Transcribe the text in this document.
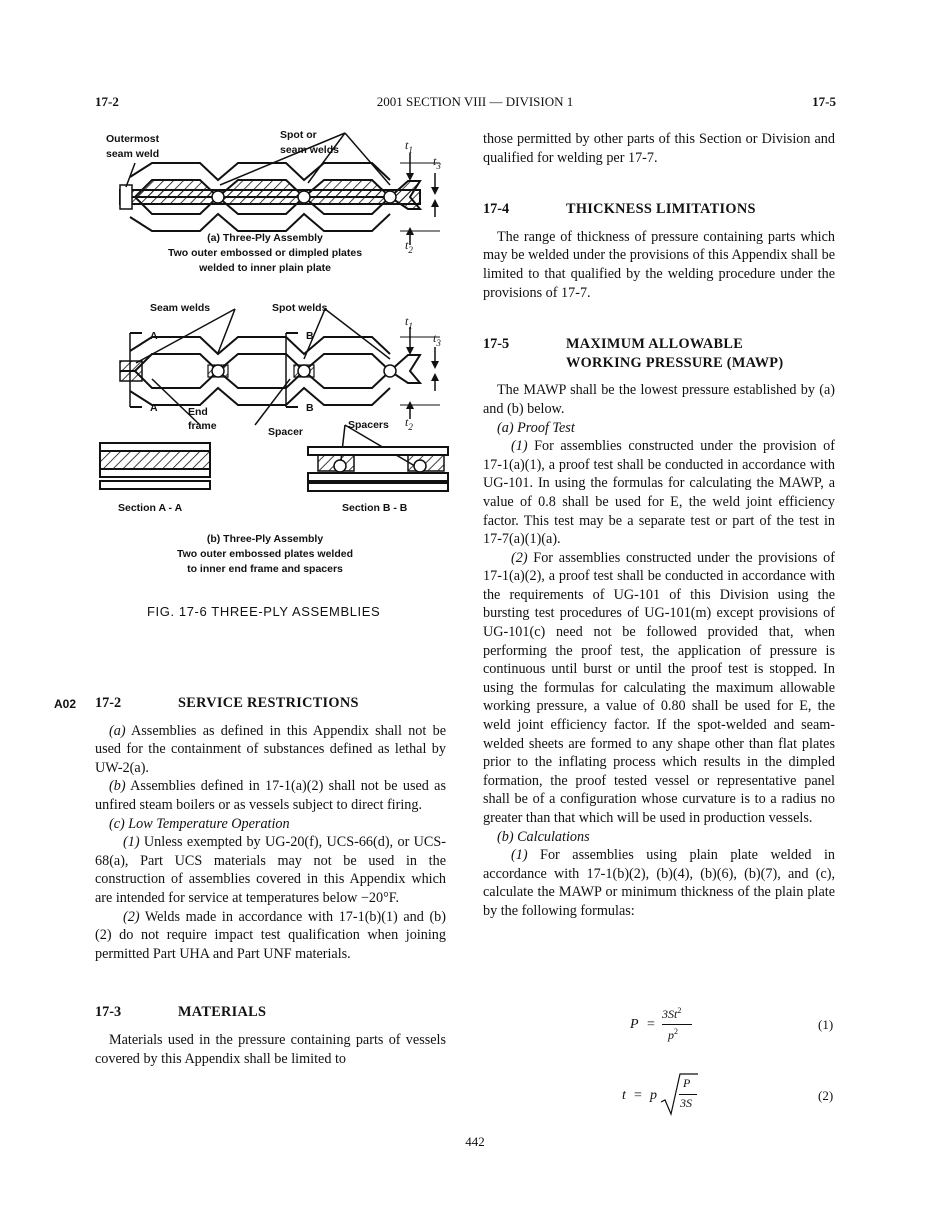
17-2	2001 SECTION VIII — DIVISION 1	17-5
Outermost
seam weld
Spot or
seam welds	$t_1$
$t_3$
$t_2$
(a) Three-Ply Assembly
Two outer embossed or dimpled plates
welded to inner plain plate
Seam welds	Spot welds
A
A
B
B
End
frame	Spacer
Spacers
$t_1$
$t_3$
$t_2$
Section A - A	Section B - B
(b) Three-Ply Assembly
Two outer embossed plates welded
to inner end frame and spacers
FIG. 17-6 THREE-PLY ASSEMBLIES
A02 17-2	SERVICE RESTRICTIONS

(a) Assemblies as defined in this Appendix shall not be used for the containment of substances defined as lethal by UW-2(a).

(b) Assemblies defined in 17-1(a)(2) shall not be used as unfired steam boilers or as vessels subject to direct firing.

(c) Low Temperature Operation

(1) Unless exempted by UG-20(f), UCS-66(d), or UCS-68(a), Part UCS materials may not be used in the construction of assemblies covered in this Appendix which are intended for service at temperatures below −20°F.

(2) Welds made in accordance with 17-1(b)(1) and (b)(2) do not require impact test qualification when joining permitted Part UHA and Part UNF materials.

17-3	MATERIALS

Materials used in the pressure containing parts of vessels covered by this Appendix shall be limited to

those permitted by other parts of this Section or Division and qualified for welding per 17-7.

17-4	THICKNESS LIMITATIONS

The range of thickness of pressure containing parts which may be welded under the provisions of this Appendix shall be limited to that qualified by the welding procedure under the provisions of 17-7.

17-5	MAXIMUM ALLOWABLE
WORKING PRESSURE (MAWP)

The MAWP shall be the lowest pressure established by (a) and (b) below.

(a) Proof Test

(1) For assemblies constructed under the provision of 17-1(a)(1), a proof test shall be conducted in accordance with UG-101. In using the formulas for calculating the MAWP, a value of 0.8 shall be used for E, the weld joint efficiency factor. This test may be a separate test or part of the test in 17-7(a)(1)(a).

(2) For assemblies constructed under the provisions of 17-1(a)(2), a proof test shall be conducted in accordance with the requirements of UG-101 of this Division using the bursting test procedures of UG-101(m) except provisions of UG-101(c) need not be followed provided that, when performing the proof test, the application of pressure is continuous until burst or until the proof test is stopped. In using the formulas for calculating the maximum allowable working pressure, a value of 0.80 shall be used for E, the weld joint efficiency factor. If the spot-welded and seam-welded sheets are formed to any shape other than flat plates prior to the inflating process which results in the dimpled formation, the proof tested vessel or representative panel shall be of a configuration whose curvature is to a radius no greater than that which will be used in production vessels.

(b) Calculations

(1) For assemblies using plain plate welded in accordance with 17-1(b)(2), (b)(4), (b)(6), (b)(7), and (c), calculate the MAWP or minimum thickness of the plain plate by the following formulas:

P =
$3St^2$
$p^2$	(1)
t = p
P
3S	(2)
442
